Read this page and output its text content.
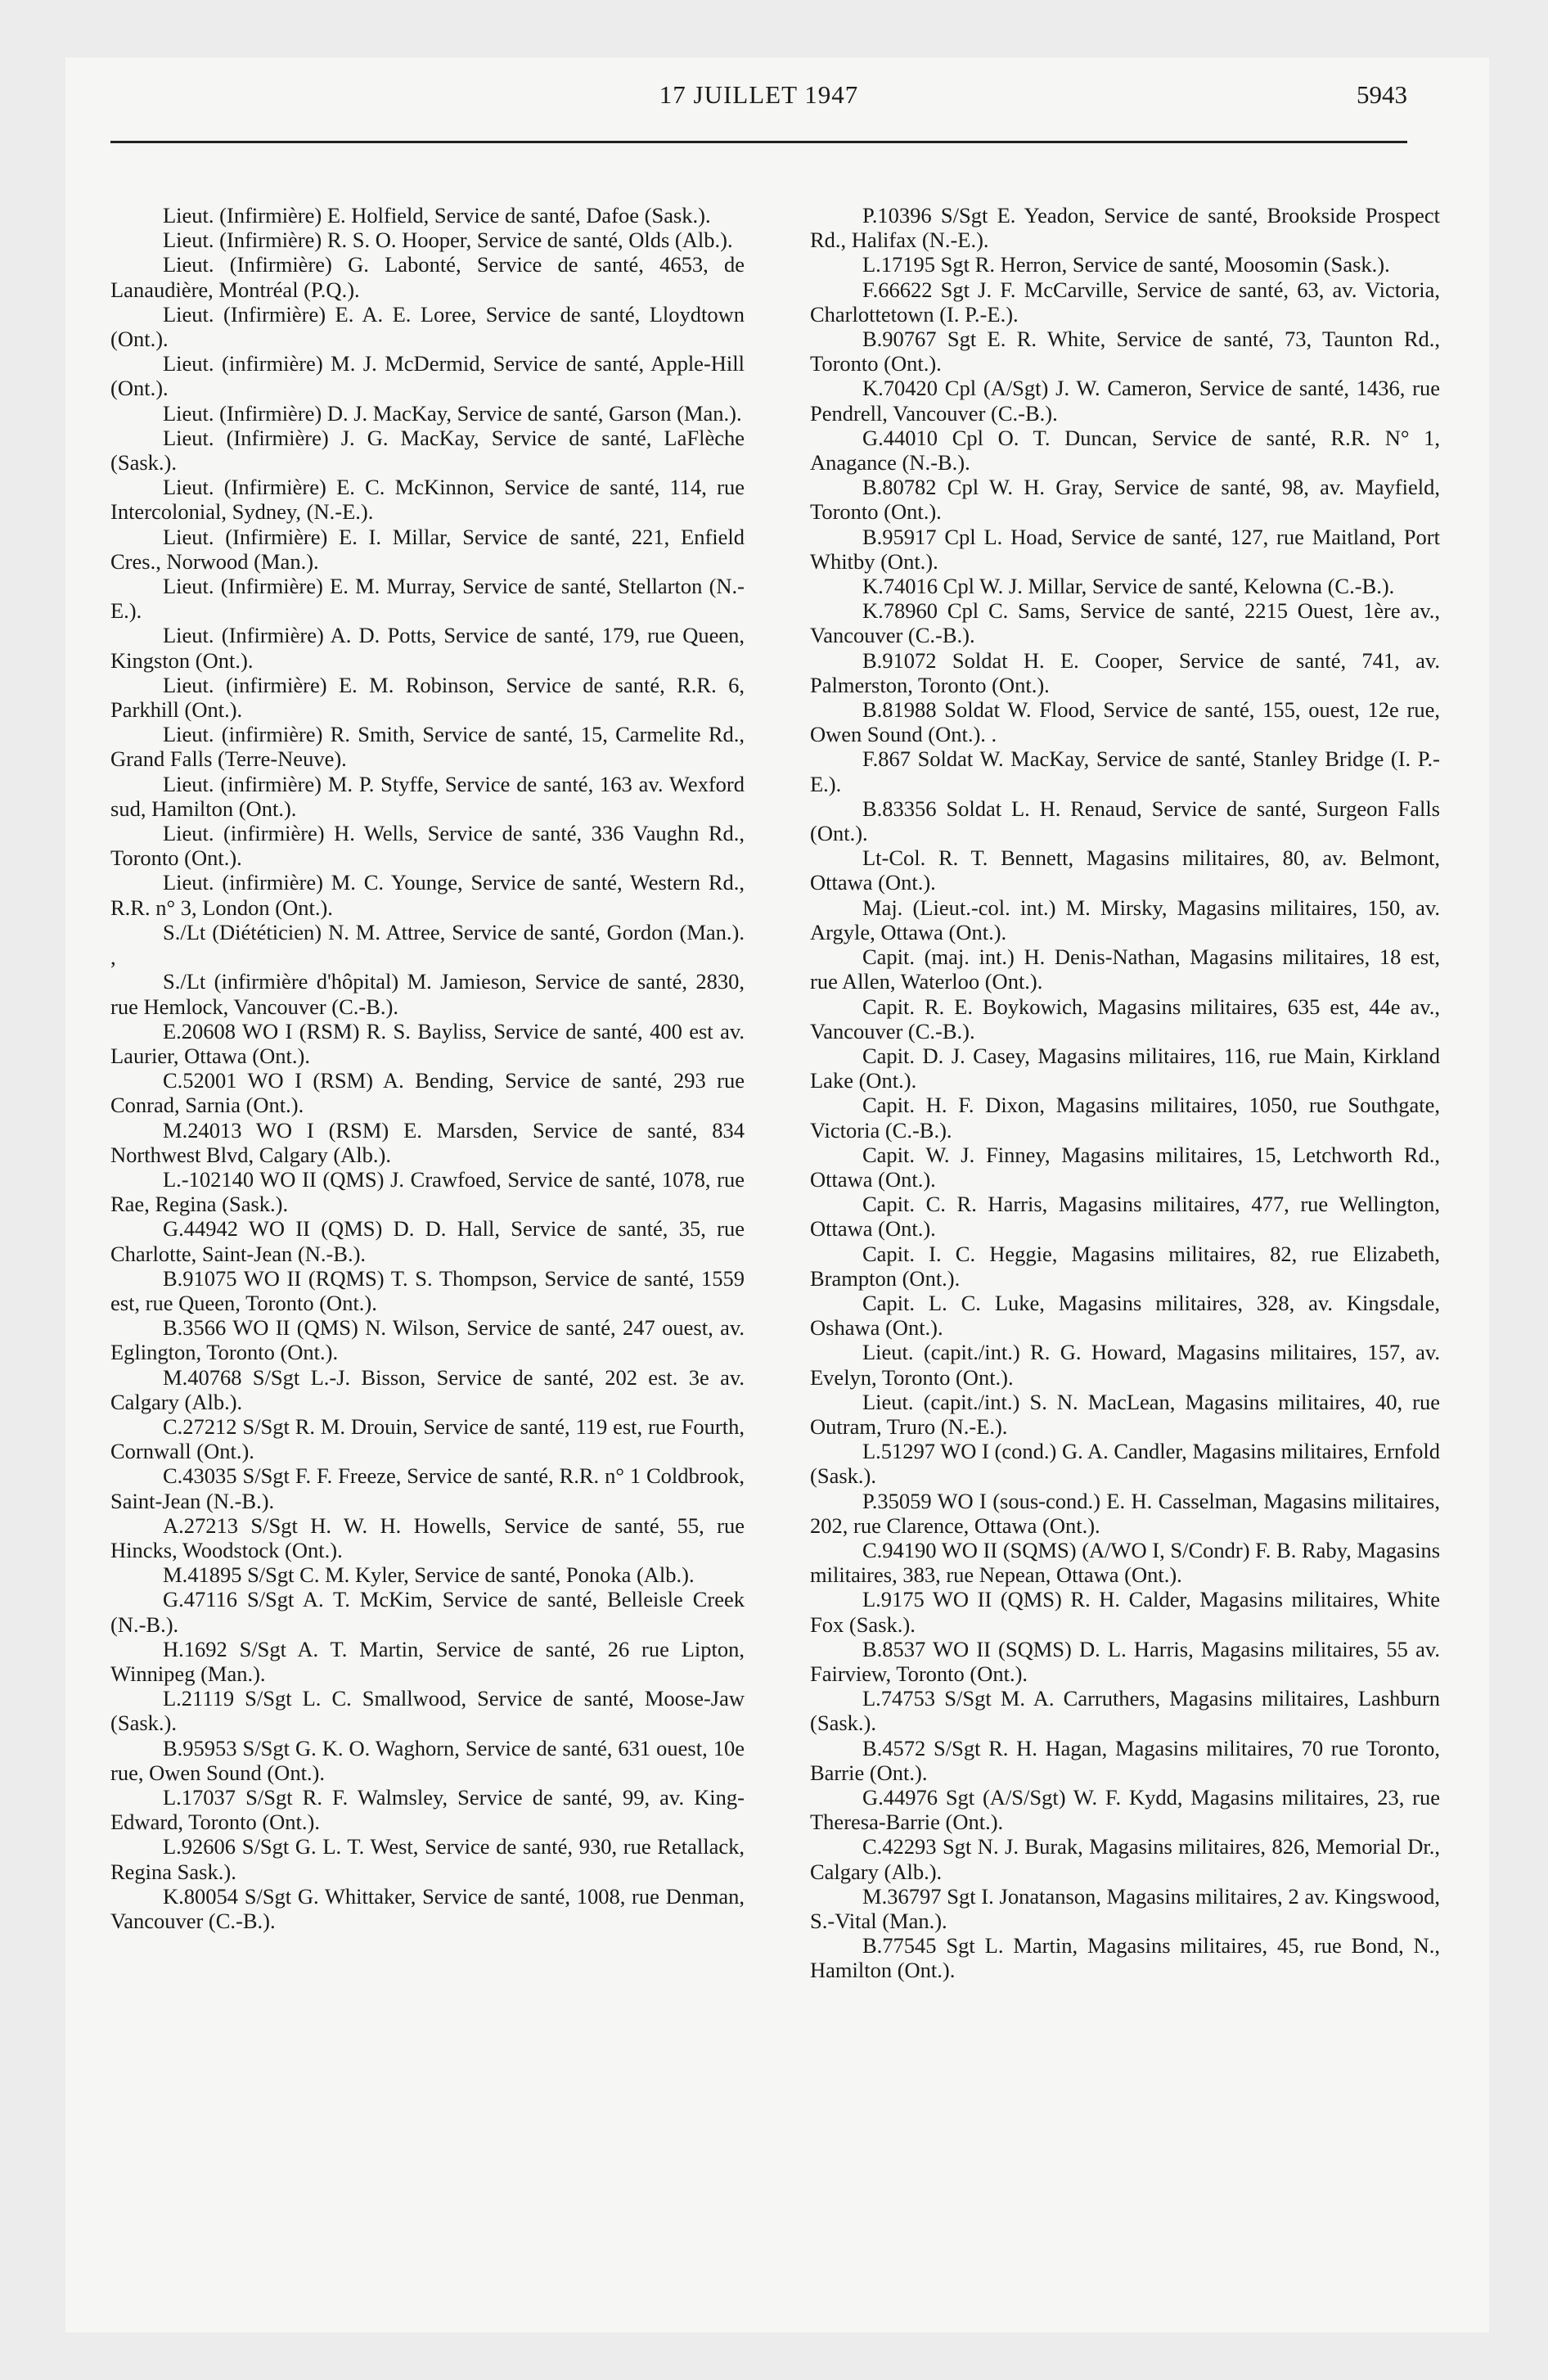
17 JUILLET 1947	5943

Lieut. (Infirmière) E. Holfield, Service de santé, Dafoe (Sask.).

Lieut. (Infirmière) R. S. O. Hooper, Service de santé, Olds (Alb.).

Lieut. (Infirmière) G. Labonté, Service de santé, 4653, de Lanaudière, Montréal (P.Q.).

Lieut. (Infirmière) E. A. E. Loree, Service de santé, Lloydtown (Ont.).

Lieut. (infirmière) M. J. McDermid, Service de santé, Apple-Hill (Ont.).

Lieut. (Infirmière) D. J. MacKay, Service de santé, Garson (Man.).

Lieut. (Infirmière) J. G. MacKay, Service de santé, LaFlèche (Sask.).

Lieut. (Infirmière) E. C. McKinnon, Service de santé, 114, rue Intercolonial, Sydney, (N.-E.).

Lieut. (Infirmière) E. I. Millar, Service de santé, 221, Enfield Cres., Norwood (Man.).

Lieut. (Infirmière) E. M. Murray, Service de santé, Stellarton (N.-E.).

Lieut. (Infirmière) A. D. Potts, Service de santé, 179, rue Queen, Kingston (Ont.).

Lieut. (infirmière) E. M. Robinson, Service de santé, R.R. 6, Parkhill (Ont.).

Lieut. (infirmière) R. Smith, Service de santé, 15, Carmelite Rd., Grand Falls (Terre-Neuve).

Lieut. (infirmière) M. P. Styffe, Service de santé, 163 av. Wexford sud, Hamilton (Ont.).

Lieut. (infirmière) H. Wells, Service de santé, 336 Vaughn Rd., Toronto (Ont.).

Lieut. (infirmière) M. C. Younge, Service de santé, Western Rd., R.R. n° 3, London (Ont.).

S./Lt (Diététicien) N. M. Attree, Service de santé, Gordon (Man.). ,

S./Lt (infirmière d'hôpital) M. Jamieson, Service de santé, 2830, rue Hemlock, Vancouver (C.-B.).

E.20608 WO I (RSM) R. S. Bayliss, Service de santé, 400 est av. Laurier, Ottawa (Ont.).

C.52001 WO I (RSM) A. Bending, Service de santé, 293 rue Conrad, Sarnia (Ont.).

M.24013 WO I (RSM) E. Marsden, Service de santé, 834 Northwest Blvd, Calgary (Alb.).

L.-102140 WO II (QMS) J. Crawfoed, Service de santé, 1078, rue Rae, Regina (Sask.).

G.44942 WO II (QMS) D. D. Hall, Service de santé, 35, rue Charlotte, Saint-Jean (N.-B.).

B.91075 WO II (RQMS) T. S. Thompson, Service de santé, 1559 est, rue Queen, Toronto (Ont.).

B.3566 WO II (QMS) N. Wilson, Service de santé, 247 ouest, av. Eglington, Toronto (Ont.).

M.40768 S/Sgt L.-J. Bisson, Service de santé, 202 est. 3e av. Calgary (Alb.).

C.27212 S/Sgt R. M. Drouin, Service de santé, 119 est, rue Fourth, Cornwall (Ont.).

C.43035 S/Sgt F. F. Freeze, Service de santé, R.R. n° 1 Coldbrook, Saint-Jean (N.-B.).

A.27213 S/Sgt H. W. H. Howells, Service de santé, 55, rue Hincks, Woodstock (Ont.).

M.41895 S/Sgt C. M. Kyler, Service de santé, Ponoka (Alb.).

G.47116 S/Sgt A. T. McKim, Service de santé, Belleisle Creek (N.-B.).

H.1692 S/Sgt A. T. Martin, Service de santé, 26 rue Lipton, Winnipeg (Man.).

L.21119 S/Sgt L. C. Smallwood, Service de santé, Moose-Jaw (Sask.).

B.95953 S/Sgt G. K. O. Waghorn, Service de santé, 631 ouest, 10e rue, Owen Sound (Ont.).

L.17037 S/Sgt R. F. Walmsley, Service de santé, 99, av. King-Edward, Toronto (Ont.).

L.92606 S/Sgt G. L. T. West, Service de santé, 930, rue Retallack, Regina Sask.).

K.80054 S/Sgt G. Whittaker, Service de santé, 1008, rue Denman, Vancouver (C.-B.).

P.10396 S/Sgt E. Yeadon, Service de santé, Brookside Prospect Rd., Halifax (N.-E.).

L.17195 Sgt R. Herron, Service de santé, Moosomin (Sask.).

F.66622 Sgt J. F. McCarville, Service de santé, 63, av. Victoria, Charlottetown (I. P.-E.).

B.90767 Sgt E. R. White, Service de santé, 73, Taunton Rd., Toronto (Ont.).

K.70420 Cpl (A/Sgt) J. W. Cameron, Service de santé, 1436, rue Pendrell, Vancouver (C.-B.).

G.44010 Cpl O. T. Duncan, Service de santé, R.R. N° 1, Anagance (N.-B.).

B.80782 Cpl W. H. Gray, Service de santé, 98, av. Mayfield, Toronto (Ont.).

B.95917 Cpl L. Hoad, Service de santé, 127, rue Maitland, Port Whitby (Ont.).

K.74016 Cpl W. J. Millar, Service de santé, Kelowna (C.-B.).

K.78960 Cpl C. Sams, Service de santé, 2215 Ouest, 1ère av., Vancouver (C.-B.).

B.91072 Soldat H. E. Cooper, Service de santé, 741, av. Palmerston, Toronto (Ont.).

B.81988 Soldat W. Flood, Service de santé, 155, ouest, 12e rue, Owen Sound (Ont.). .

F.867 Soldat W. MacKay, Service de santé, Stanley Bridge (I. P.-E.).

B.83356 Soldat L. H. Renaud, Service de santé, Surgeon Falls (Ont.).

Lt-Col. R. T. Bennett, Magasins militaires, 80, av. Belmont, Ottawa (Ont.).

Maj. (Lieut.-col. int.) M. Mirsky, Magasins militaires, 150, av. Argyle, Ottawa (Ont.).

Capit. (maj. int.) H. Denis-Nathan, Magasins militaires, 18 est, rue Allen, Waterloo (Ont.).

Capit. R. E. Boykowich, Magasins militaires, 635 est, 44e av., Vancouver (C.-B.).

Capit. D. J. Casey, Magasins militaires, 116, rue Main, Kirkland Lake (Ont.).

Capit. H. F. Dixon, Magasins militaires, 1050, rue Southgate, Victoria (C.-B.).

Capit. W. J. Finney, Magasins militaires, 15, Letchworth Rd., Ottawa (Ont.).

Capit. C. R. Harris, Magasins militaires, 477, rue Wellington, Ottawa (Ont.).

Capit. I. C. Heggie, Magasins militaires, 82, rue Elizabeth, Brampton (Ont.).

Capit. L. C. Luke, Magasins militaires, 328, av. Kingsdale, Oshawa (Ont.).

Lieut. (capit./int.) R. G. Howard, Magasins militaires, 157, av. Evelyn, Toronto (Ont.).

Lieut. (capit./int.) S. N. MacLean, Magasins militaires, 40, rue Outram, Truro (N.-E.).

L.51297 WO I (cond.) G. A. Candler, Magasins militaires, Ernfold (Sask.).

P.35059 WO I (sous-cond.) E. H. Casselman, Magasins militaires, 202, rue Clarence, Ottawa (Ont.).

C.94190 WO II (SQMS) (A/WO I, S/Condr) F. B. Raby, Magasins militaires, 383, rue Nepean, Ottawa (Ont.).

L.9175 WO II (QMS) R. H. Calder, Magasins militaires, White Fox (Sask.).

B.8537 WO II (SQMS) D. L. Harris, Magasins militaires, 55 av. Fairview, Toronto (Ont.).

L.74753 S/Sgt M. A. Carruthers, Magasins militaires, Lashburn (Sask.).

B.4572 S/Sgt R. H. Hagan, Magasins militaires, 70 rue Toronto, Barrie (Ont.).

G.44976 Sgt (A/S/Sgt) W. F. Kydd, Magasins militaires, 23, rue Theresa-Barrie (Ont.).

C.42293 Sgt N. J. Burak, Magasins militaires, 826, Memorial Dr., Calgary (Alb.).

M.36797 Sgt I. Jonatanson, Magasins militaires, 2 av. Kingswood, S.-Vital (Man.).

B.77545 Sgt L. Martin, Magasins militaires, 45, rue Bond, N., Hamilton (Ont.).
